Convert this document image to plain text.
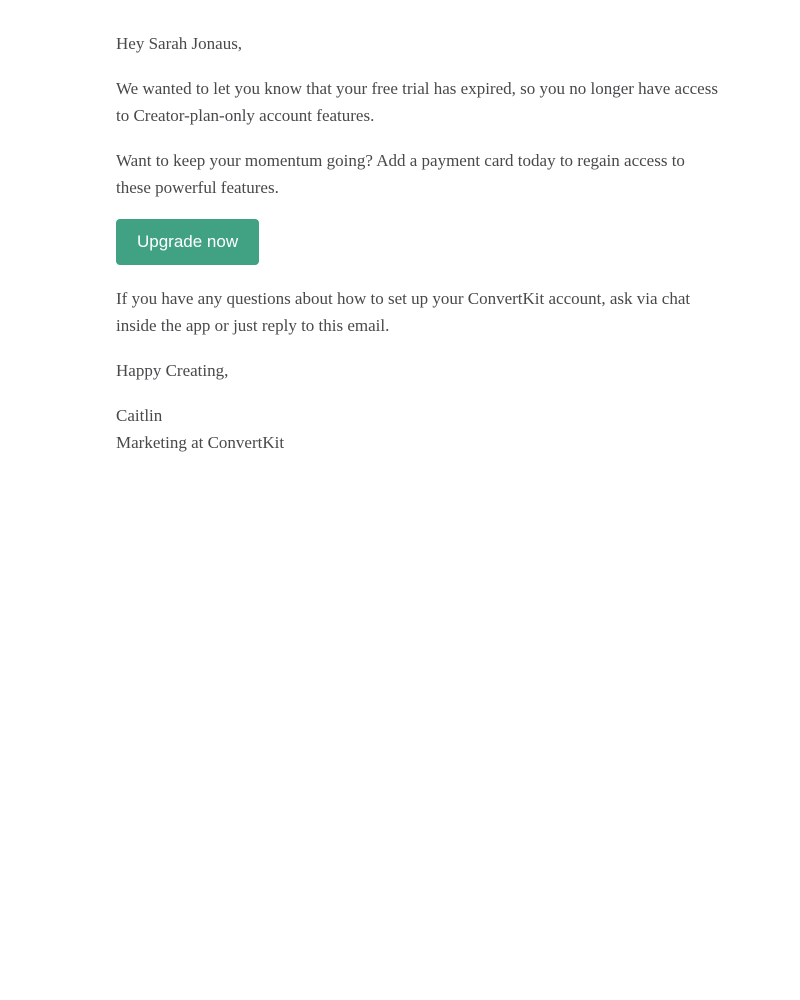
Hey Sarah Jonaus,

We wanted to let you know that your free trial has expired, so you no longer have access to Creator-plan-only account features.

Want to keep your momentum going? Add a payment card today to regain access to these powerful features.

Upgrade now

If you have any questions about how to set up your ConvertKit account, ask via chat inside the app or just reply to this email.

Happy Creating,

Caitlin
Marketing at ConvertKit
